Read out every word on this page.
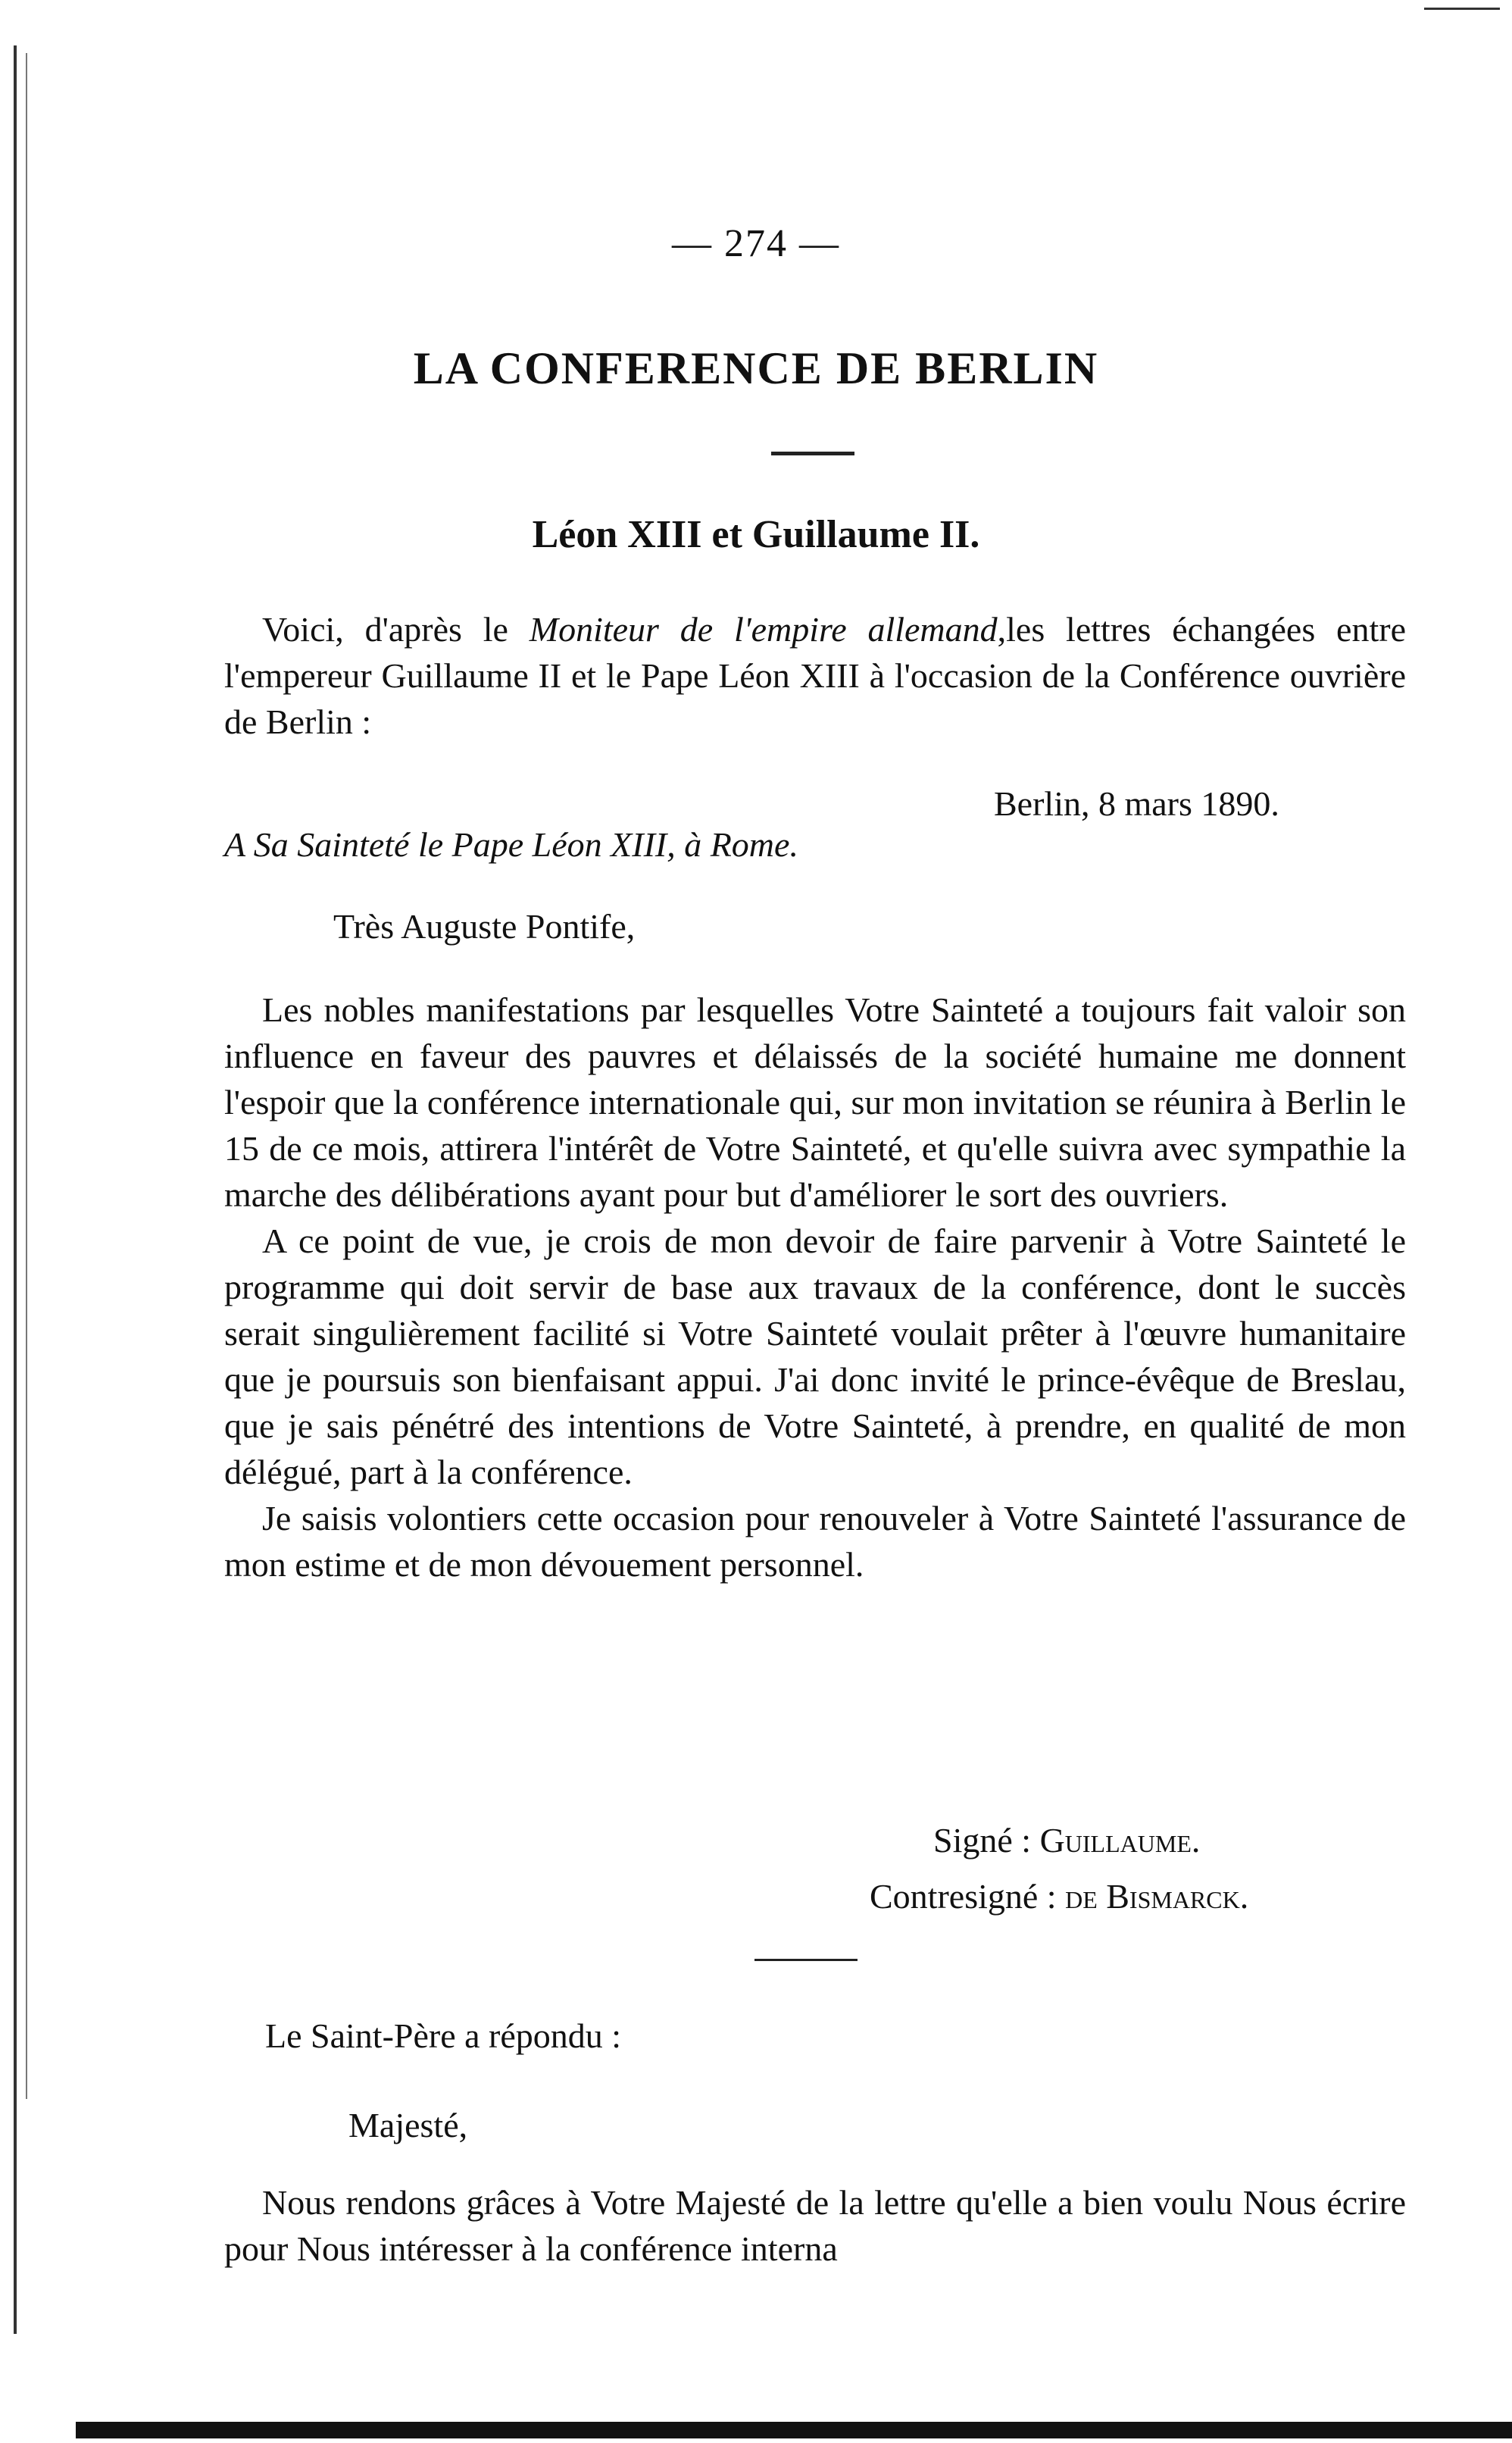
— 274 —
LA CONFERENCE DE BERLIN
Léon XIII et Guillaume II.
Voici, d'après le Moniteur de l'empire allemand,les lettres échangées entre l'empereur Guillaume II et le Pape Léon XIII à l'occasion de la Conférence ouvrière de Berlin :
Berlin, 8 mars 1890.
A Sa Sainteté le Pape Léon XIII, à Rome.
Très Auguste Pontife,

Les nobles manifestations par lesquelles Votre Sainteté a toujours fait valoir son influence en faveur des pauvres et délaissés de la société humaine me donnent l'espoir que la conférence internationale qui, sur mon invitation se réunira à Berlin le 15 de ce mois, attirera l'intérêt de Votre Sainteté, et qu'elle suivra avec sympathie la marche des délibérations ayant pour but d'améliorer le sort des ouvriers.

A ce point de vue, je crois de mon devoir de faire parvenir à Votre Sainteté le programme qui doit servir de base aux travaux de la conférence, dont le succès serait singulièrement facilité si Votre Sainteté voulait prêter à l'œuvre humanitaire que je poursuis son bienfaisant appui. J'ai donc invité le prince-évêque de Breslau, que je sais pénétré des intentions de Votre Sainteté, à prendre, en qualité de mon délégué, part à la conférence.

Je saisis volontiers cette occasion pour renouveler à Votre Sainteté l'assurance de mon estime et de mon dévouement personnel.

Signé : Guillaume.
Contresigné : de Bismarck.
Le Saint-Père a répondu :
Majesté,
Nous rendons grâces à Votre Majesté de la lettre qu'elle a bien voulu Nous écrire pour Nous intéresser à la conférence interna
